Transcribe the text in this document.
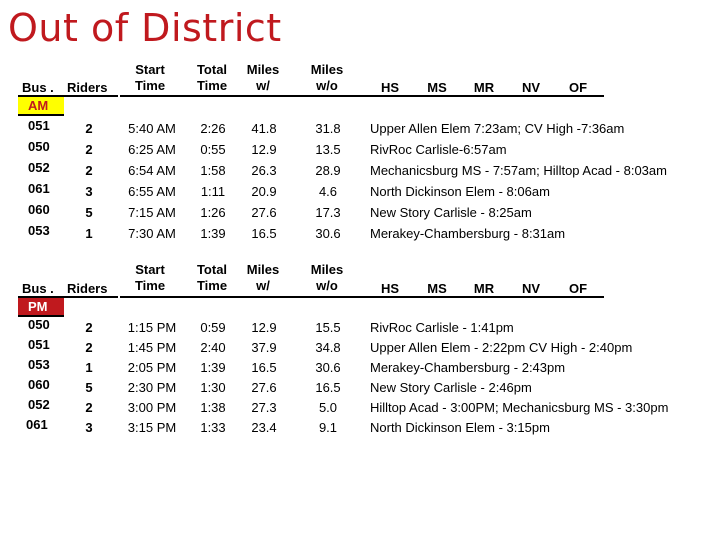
Out of District
Bus . Riders
Start
Time
Total
Time
Miles
w/
Miles
w/o	HS	MS	MR	NV	OF
AM
051	2	5:40 AM	2:26	41.8	31.8	Upper Allen Elem 7:23am; CV High -7:36am
050	2	6:25 AM	0:55	12.9	13.5	RivRoc Carlisle-6:57am
052	2	6:54 AM	1:58	26.3	28.9	Mechanicsburg MS - 7:57am; Hilltop Acad - 8:03am
061	3	6:55 AM	1:11	20.9	4.6	North Dickinson Elem - 8:06am
060	5	7:15 AM	1:26	27.6	17.3	New Story Carlisle - 8:25am
053	1	7:30 AM	1:39	16.5	30.6	Merakey-Chambersburg - 8:31am
Bus . Riders
Start
Time
Total
Time
Miles
w/
Miles
w/o	HS	MS	MR	NV	OF
PM
050	2	1:15 PM	0:59	12.9	15.5	RivRoc Carlisle - 1:41pm
051	2	1:45 PM	2:40	37.9	34.8	Upper Allen Elem - 2:22pm CV High - 2:40pm
053	1	2:05 PM	1:39	16.5	30.6	Merakey-Chambersburg - 2:43pm
060	5	2:30 PM	1:30	27.6	16.5	New Story Carlisle - 2:46pm
052	2	3:00 PM	1:38	27.3	5.0	Hilltop Acad - 3:00PM; Mechanicsburg MS - 3:30pm
061	3	3:15 PM	1:33	23.4	9.1	North Dickinson Elem - 3:15pm
